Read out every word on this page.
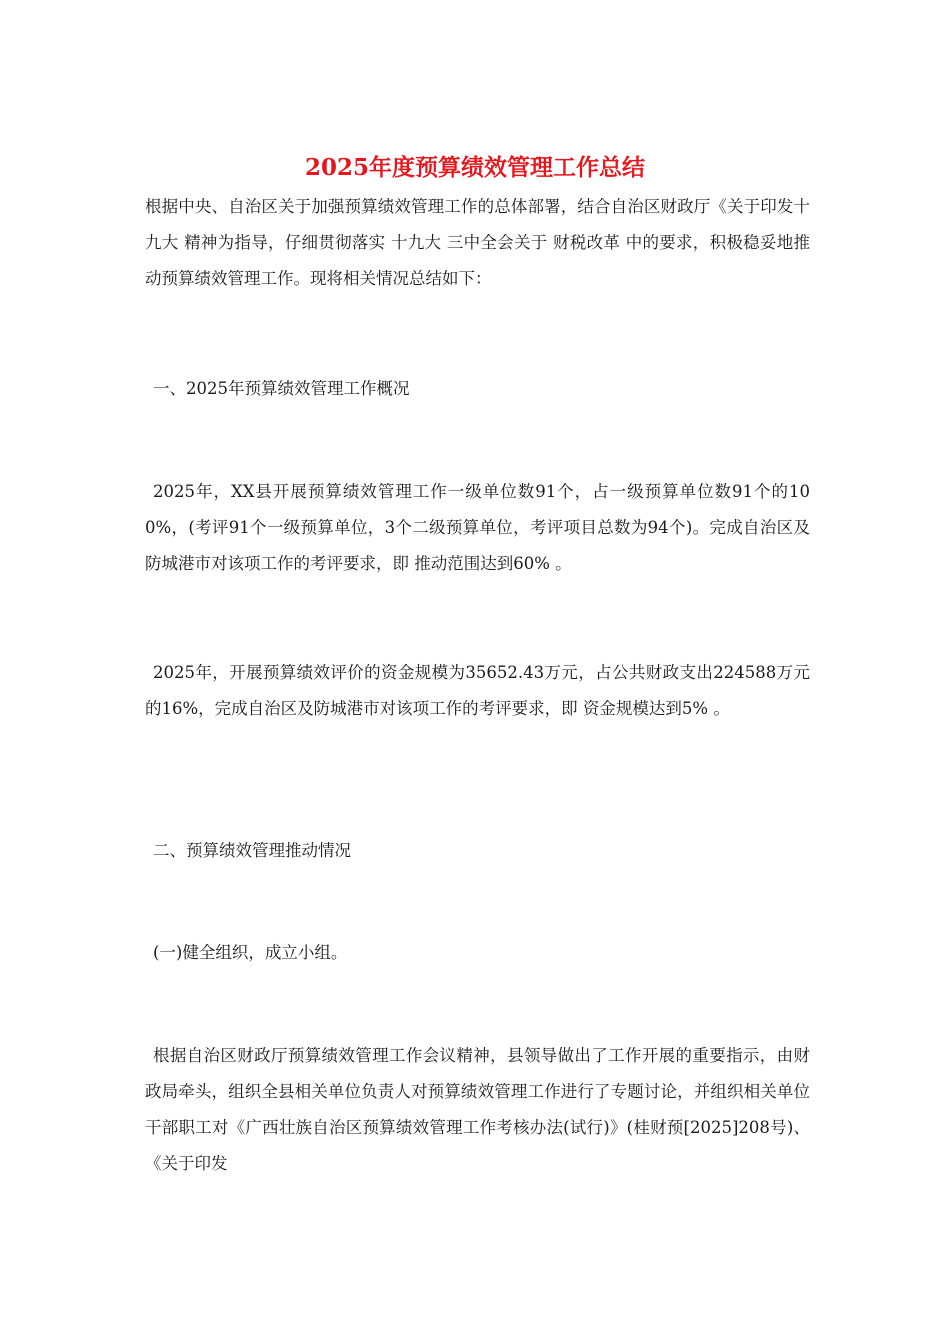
2025年度预算绩效管理工作总结

根据中央、自治区关于加强预算绩效管理工作的总体部署，结合自治区财政厅《关于印发十九大 精神为指导，仔细贯彻落实 十九大 三中全会关于 财税改革 中的要求，积极稳妥地推动预算绩效管理工作。现将相关情况总结如下：

一、2025年预算绩效管理工作概况

2025年，XX县开展预算绩效管理工作一级单位数91个，占一级预算单位数91个的100%，(考评91个一级预算单位，3个二级预算单位，考评项目总数为94个)。完成自治区及防城港市对该项工作的考评要求，即 推动范围达到60% 。

2025年，开展预算绩效评价的资金规模为35652.43万元，占公共财政支出224588万元的16%，完成自治区及防城港市对该项工作的考评要求，即 资金规模达到5% 。

二、预算绩效管理推动情况

(一)健全组织，成立小组。

根据自治区财政厅预算绩效管理工作会议精神，县领导做出了工作开展的重要指示，由财政局牵头，组织全县相关单位负责人对预算绩效管理工作进行了专题讨论，并组织相关单位干部职工对《广西壮族自治区预算绩效管理工作考核办法(试行)》(桂财预[2025]208号)、《关于印发
